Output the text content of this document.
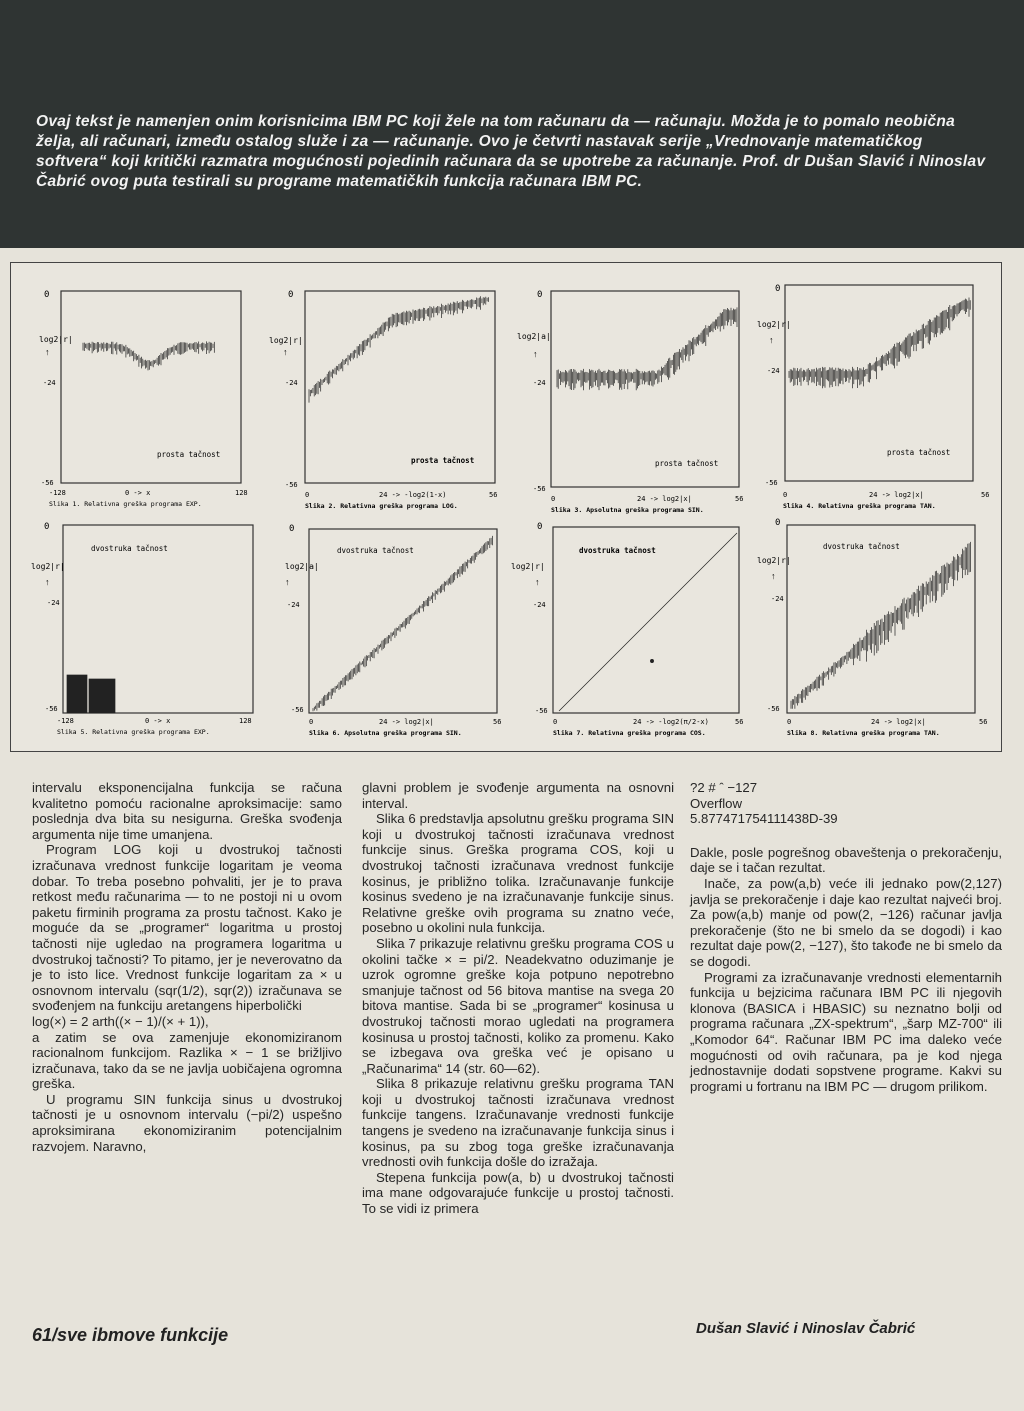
Ovaj tekst je namenjen onim korisnicima IBM PC koji žele na tom računaru da — računaju. Možda je to pomalo neobična želja, ali računari, između ostalog služe i za — računanje. Ovo je četvrti nastavak serije „Vrednovanje matematičkog softvera“ koji kritički razmatra mogućnosti pojedinih računara da se upotrebe za računanje. Prof. dr Dušan Slavić i Ninoslav Čabrić ovog puta testirali su programe matematičkih funkcija računara IBM PC.
0
log2|r|
↑
-24
prosta tačnost
-56
-128	0 -> x	128
Slika 1. Relativna greška programa EXP.
0
log2|r|
↑
-24
prosta tačnost
-56
0	24 -> -log2(1-x)	56
Slika 2. Relativna greška programa LOG.
0
log2|a|
↑
-24
prosta tačnost
-56
0	24 -> log2|x|	56
Slika 3. Apsolutna greška programa SIN.
0
log2|r|
↑
-24
prosta tačnost
-56
0	24 -> log2|x|	56
Slika 4. Relativna greška programa TAN.
0
log2|r|
↑
-24
dvostruka tačnost
-56
-128	0 -> x	128
Slika 5. Relativna greška programa EXP.
0
log2|a|
↑
-24
dvostruka tačnost
-56
0	24 -> log2|x|	56
Slika 6. Apsolutna greška programa SIN.
0
log2|r|
↑
-24
dvostruka tačnost
-56
0	24 -> -log2(π/2-x)	56
Slika 7. Relativna greška programa COS.
0
log2|r|
↑
-24
dvostruka tačnost
-56
0	24 -> log2|x|	56
Slika 8. Relativna greška programa TAN.

intervalu eksponencijalna funkcija se računa kvalitetno pomoću racionalne aproksimacije: samo poslednja dva bita su nesigurna. Greška svođenja argumenta nije time umanjena.

Program LOG koji u dvostrukoj tačnosti izračunava vrednost funkcije logaritam je veoma dobar. To treba posebno pohvaliti, jer je to prava retkost među računarima — to ne postoji ni u ovom paketu firminih programa za prostu tačnost. Kako je moguće da se „programer“ logaritma u prostoj tačnosti nije ugledao na programera logaritma u dvostrukoj tačnosti? To pitamo, jer je neverovatno da je to isto lice. Vrednost funkcije logaritam za × u osnovnom intervalu (sqr(1/2), sqr(2)) izračunava se svođenjem na funkciju aretangens hiperbolički

log(×) = 2 arth((× − 1)/(× + 1)),

a zatim se ova zamenjuje ekonomiziranom racionalnom funkcijom. Razlika × − 1 se brižljivo izračunava, tako da se ne javlja uobičajena ogromna greška.

U programu SIN funkcija sinus u dvostrukoj tačnosti je u osnovnom intervalu (−pi/2) uspešno aproksimirana ekonomiziranim potencijalnim razvojem. Naravno,

glavni problem je svođenje argumenta na osnovni interval.

Slika 6 predstavlja apsolutnu grešku programa SIN koji u dvostrukoj tačnosti izračunava vrednost funkcije sinus. Greška programa COS, koji u dvostrukoj tačnosti izračunava vrednost funkcije kosinus, je približno tolika. Izračunavanje funkcije kosinus svedeno je na izračunavanje funkcije sinus. Relativne greške ovih programa su znatno veće, posebno u okolini nula funkcija.

Slika 7 prikazuje relativnu grešku programa COS u okolini tačke × = pi/2. Neadekvatno oduzimanje je uzrok ogromne greške koja potpuno nepotrebno smanjuje tačnost od 56 bitova mantise na svega 20 bitova mantise. Sada bi se „programer“ kosinusa u dvostrukoj tačnosti morao ugledati na programera kosinusa u prostoj tačnosti, koliko za promenu. Kako se izbegava ova greška već je opisano u „Računarima“ 14 (str. 60—62).

Slika 8 prikazuje relativnu grešku programa TAN koji u dvostrukoj tačnosti izračunava vrednost funkcije tangens. Izračunavanje vrednosti funkcije tangens je svedeno na izračunavanje funkcija sinus i kosinus, pa su zbog toga greške izračunavanja vrednosti ovih funkcija došle do izražaja.

Stepena funkcija pow(a, b) u dvostrukoj tačnosti ima mane odgovarajuće funkcije u prostoj tačnosti. To se vidi iz primera

?2 # ˆ −127

Overflow

5.877471754111438D-39

Dakle, posle pogrešnog obaveštenja o prekoračenju, daje se i tačan rezultat.

Inače, za pow(a,b) veće ili jednako pow(2,127) javlja se prekoračenje i daje kao rezultat najveći broj. Za pow(a,b) manje od pow(2, −126) računar javlja prekoračenje (što ne bi smelo da se dogodi) i kao rezultat daje pow(2, −127), što takođe ne bi smelo da se dogodi.

Programi za izračunavanje vrednosti elementarnih funkcija u bejzicima računara IBM PC ili njegovih klonova (BASICA i HBASIC) su neznatno bolji od programa računara „ZX-spektrum“, „šarp MZ-700“ ili „Komodor 64“. Računar IBM PC ima daleko veće mogućnosti od ovih računara, pa je kod njega jednostavnije dodati sopstvene programe. Kakvi su programi u fortranu na IBM PC — drugom prilikom.

61/sve ibmove funkcije	Dušan Slavić i Ninoslav Čabrić
